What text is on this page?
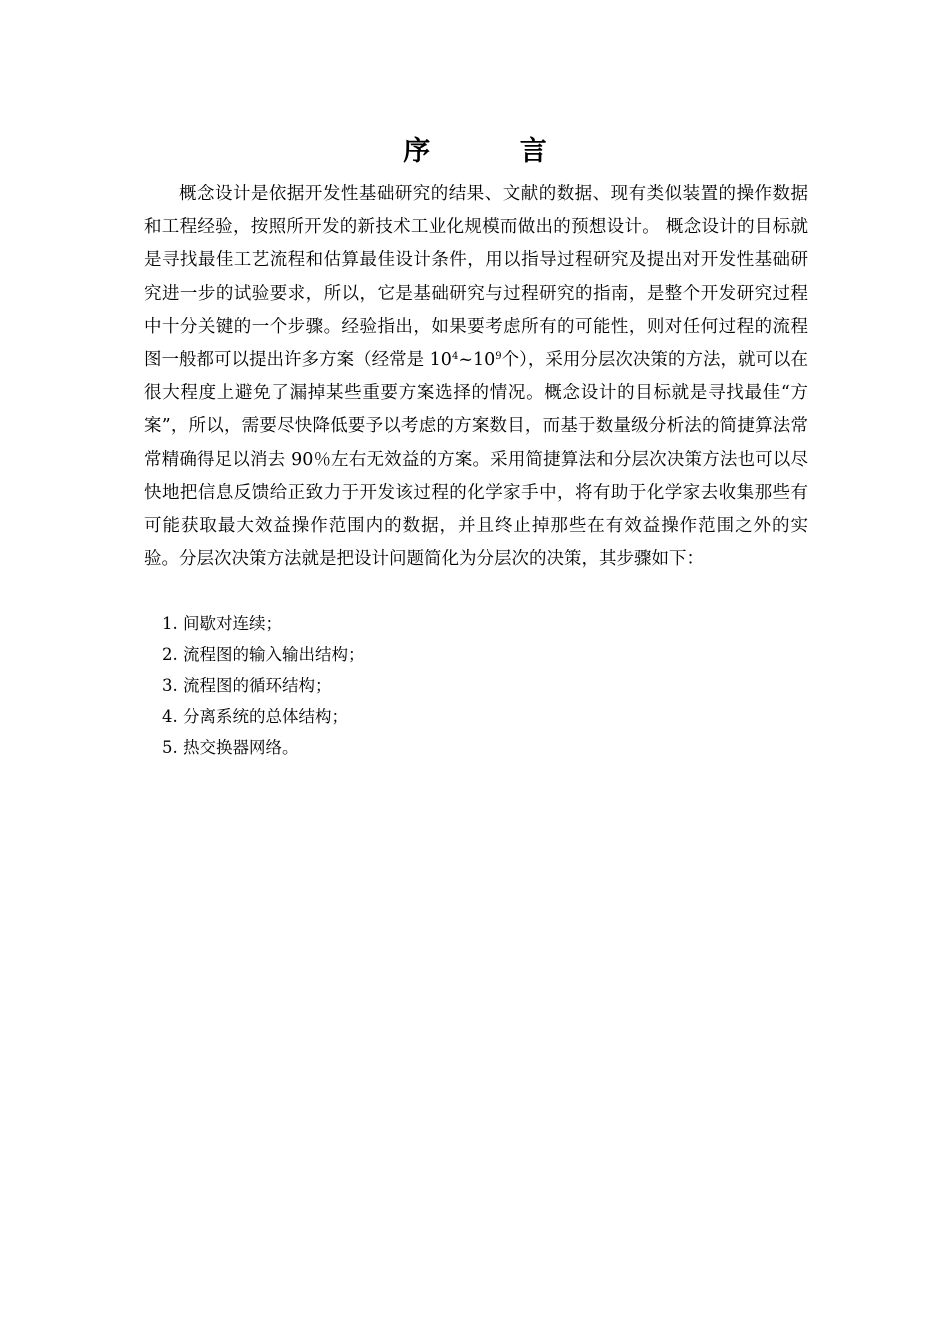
序 言

概念设计是依据开发性基础研究的结果、文献的数据、现有类似装置的操作数据和工程经验，按照所开发的新技术工业化规模而做出的预想设计。 概念设计的目标就是寻找最佳工艺流程和估算最佳设计条件，用以指导过程研究及提出对开发性基础研究进一步的试验要求，所以，它是基础研究与过程研究的指南，是整个开发研究过程中十分关键的一个步骤。经验指出，如果要考虑所有的可能性，则对任何过程的流程图一般都可以提出许多方案（经常是 $10^4\sim 10^9$个），采用分层次决策的方法，就可以在很大程度上避免了漏掉某些重要方案选择的情况。概念设计的目标就是寻找最佳“方案”，所以，需要尽快降低要予以考虑的方案数目，而基于数量级分析法的简捷算法常常精确得足以消去 90％左右无效益的方案。采用简捷算法和分层次决策方法也可以尽快地把信息反馈给正致力于开发该过程的化学家手中，将有助于化学家去收集那些有可能获取最大效益操作范围内的数据，并且终止掉那些在有效益操作范围之外的实验。分层次决策方法就是把设计问题简化为分层次的决策，其步骤如下：

1. 间歇对连续；
2. 流程图的输入输出结构；
3. 流程图的循环结构；
4. 分离系统的总体结构；
5. 热交换器网络。
